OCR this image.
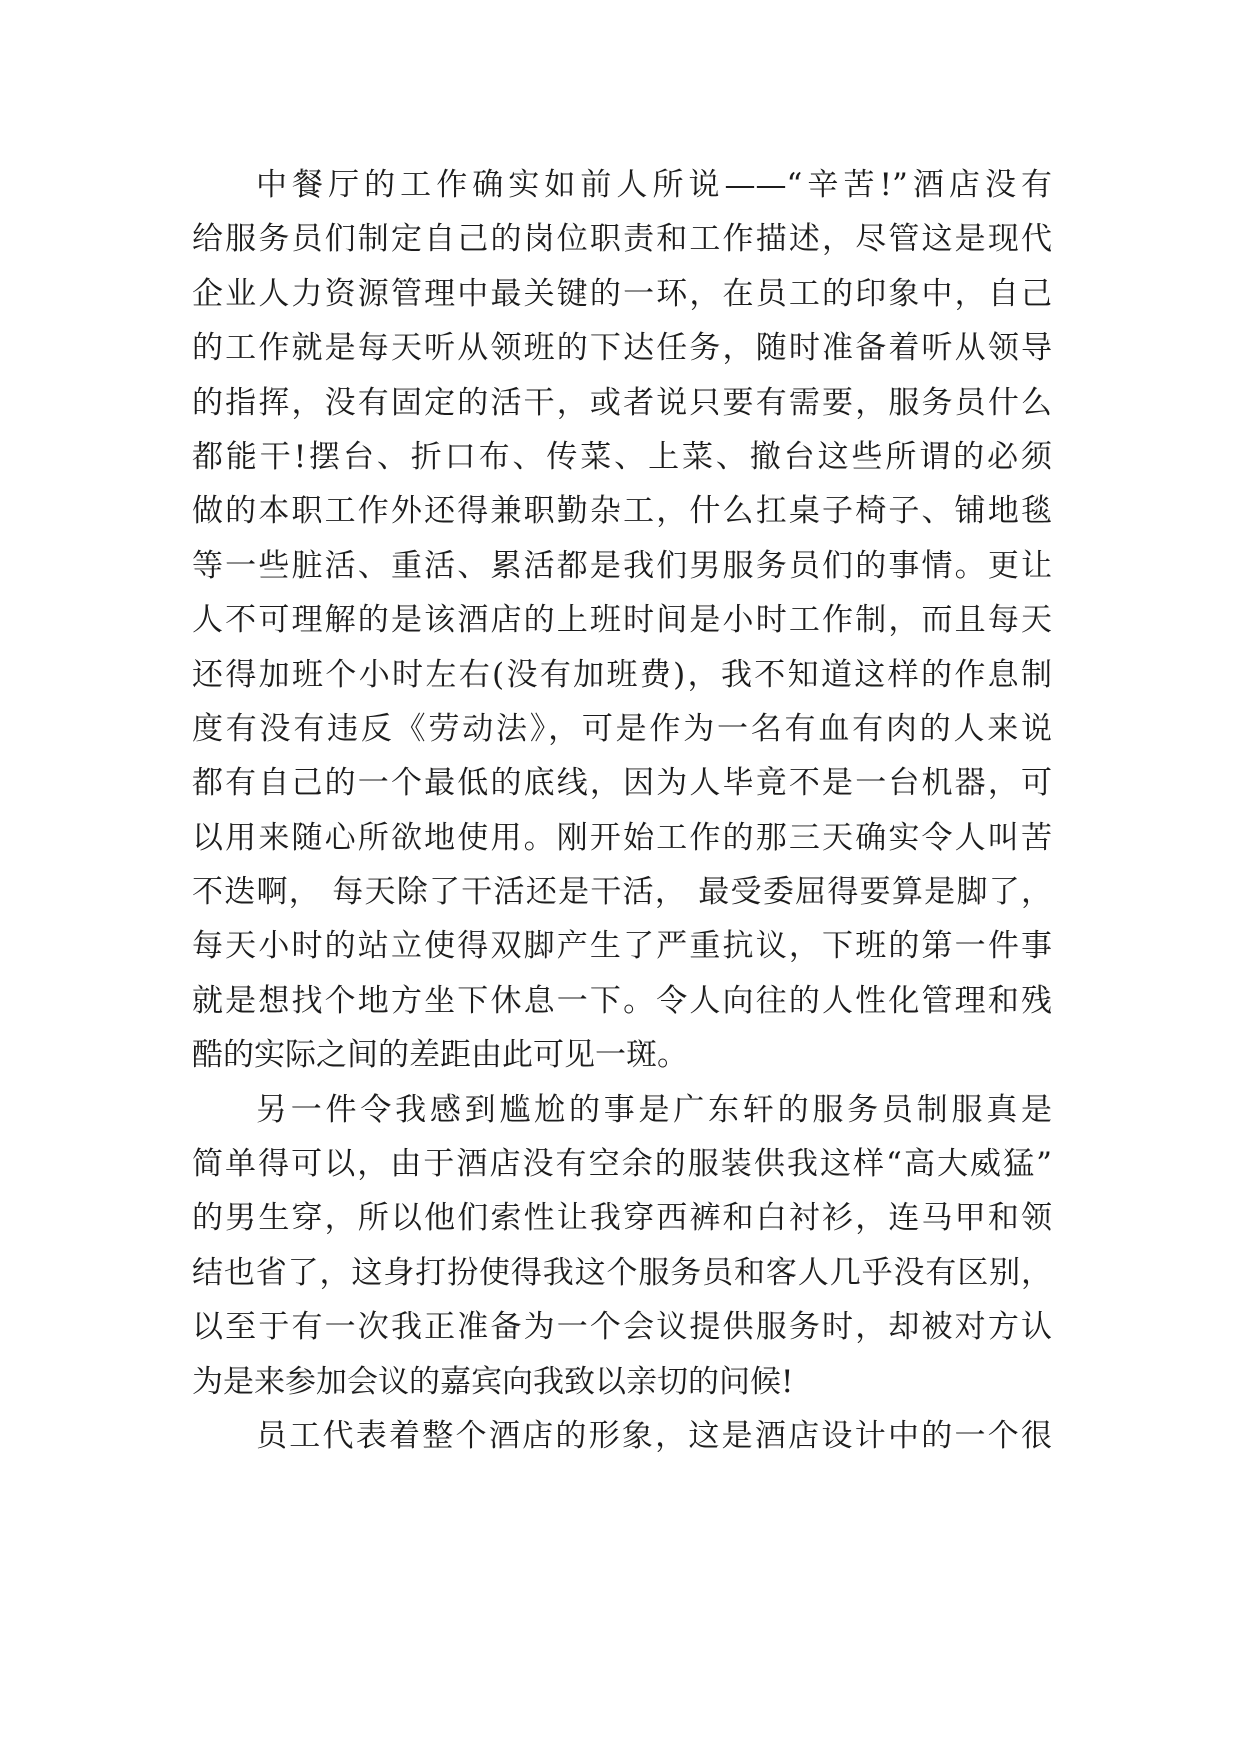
中餐厅的工作确实如前人所说——“辛苦!”酒店没有
给服务员们制定自己的岗位职责和工作描述，尽管这是现代
企业人力资源管理中最关键的一环，在员工的印象中，自己
的工作就是每天听从领班的下达任务，随时准备着听从领导
的指挥，没有固定的活干，或者说只要有需要，服务员什么
都能干!摆台、折口布、传菜、上菜、撤台这些所谓的必须
做的本职工作外还得兼职勤杂工，什么扛桌子椅子、铺地毯
等一些脏活、重活、累活都是我们男服务员们的事情。更让
人不可理解的是该酒店的上班时间是小时工作制，而且每天
还得加班个小时左右(没有加班费)，我不知道这样的作息制
度有没有违反《劳动法》，可是作为一名有血有肉的人来说
都有自己的一个最低的底线，因为人毕竟不是一台机器，可
以用来随心所欲地使用。刚开始工作的那三天确实令人叫苦
不迭啊， 每天除了干活还是干活， 最受委屈得要算是脚了，
每天小时的站立使得双脚产生了严重抗议，下班的第一件事
就是想找个地方坐下休息一下。令人向往的人性化管理和残
酷的实际之间的差距由此可见一斑。
另一件令我感到尴尬的事是广东轩的服务员制服真是
简单得可以，由于酒店没有空余的服装供我这样“高大威猛”
的男生穿，所以他们索性让我穿西裤和白衬衫，连马甲和领
结也省了，这身打扮使得我这个服务员和客人几乎没有区别，
以至于有一次我正准备为一个会议提供服务时，却被对方认
为是来参加会议的嘉宾向我致以亲切的问候!
员工代表着整个酒店的形象，这是酒店设计中的一个很
